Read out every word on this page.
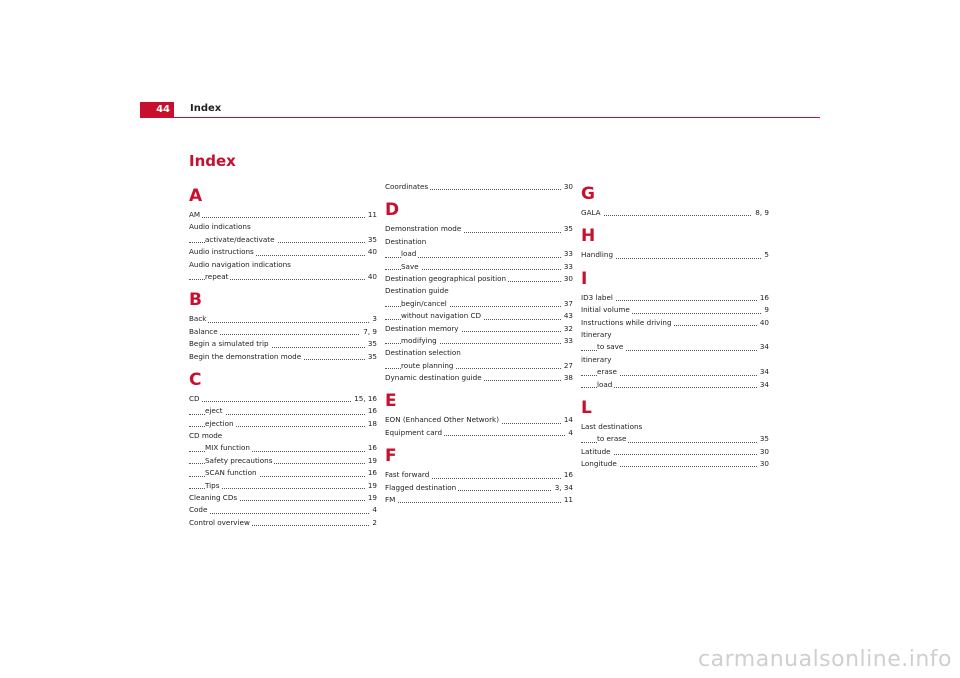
44	Index
Index
A
AM	11
Audio indications
activate/deactivate	35
Audio instructions	40
Audio navigation indications
repeat	40
B
Back	3
Balance	7, 9
Begin a simulated trip	35
Begin the demonstration mode	35
C
CD	15, 16
eject	16
ejection	18
CD mode
MIX function	16
Safety precautions	19
SCAN function	16
Tips	19
Cleaning CDs	19
Code	4
Control overview	2
Coordinates	30
D
Demonstration mode	35
Destination
load	33
Save	33
Destination geographical position	30
Destination guide
begin/cancel	37
without navigation CD	43
Destination memory	32
modifying	33
Destination selection
route planning	27
Dynamic destination guide	38
E
EON (Enhanced Other Network)	14
Equipment card	4
F
Fast forward	16
Flagged destination	3, 34
FM	11
G
GALA	8, 9
H
Handling	5
I
ID3 label	16
Initial volume	9
Instructions while driving	40
Itinerary
to save	34
itinerary
erase	34
load	34
L
Last destinations
to erase	35
Latitude	30
Longitude	30
carmanualsonline.info
